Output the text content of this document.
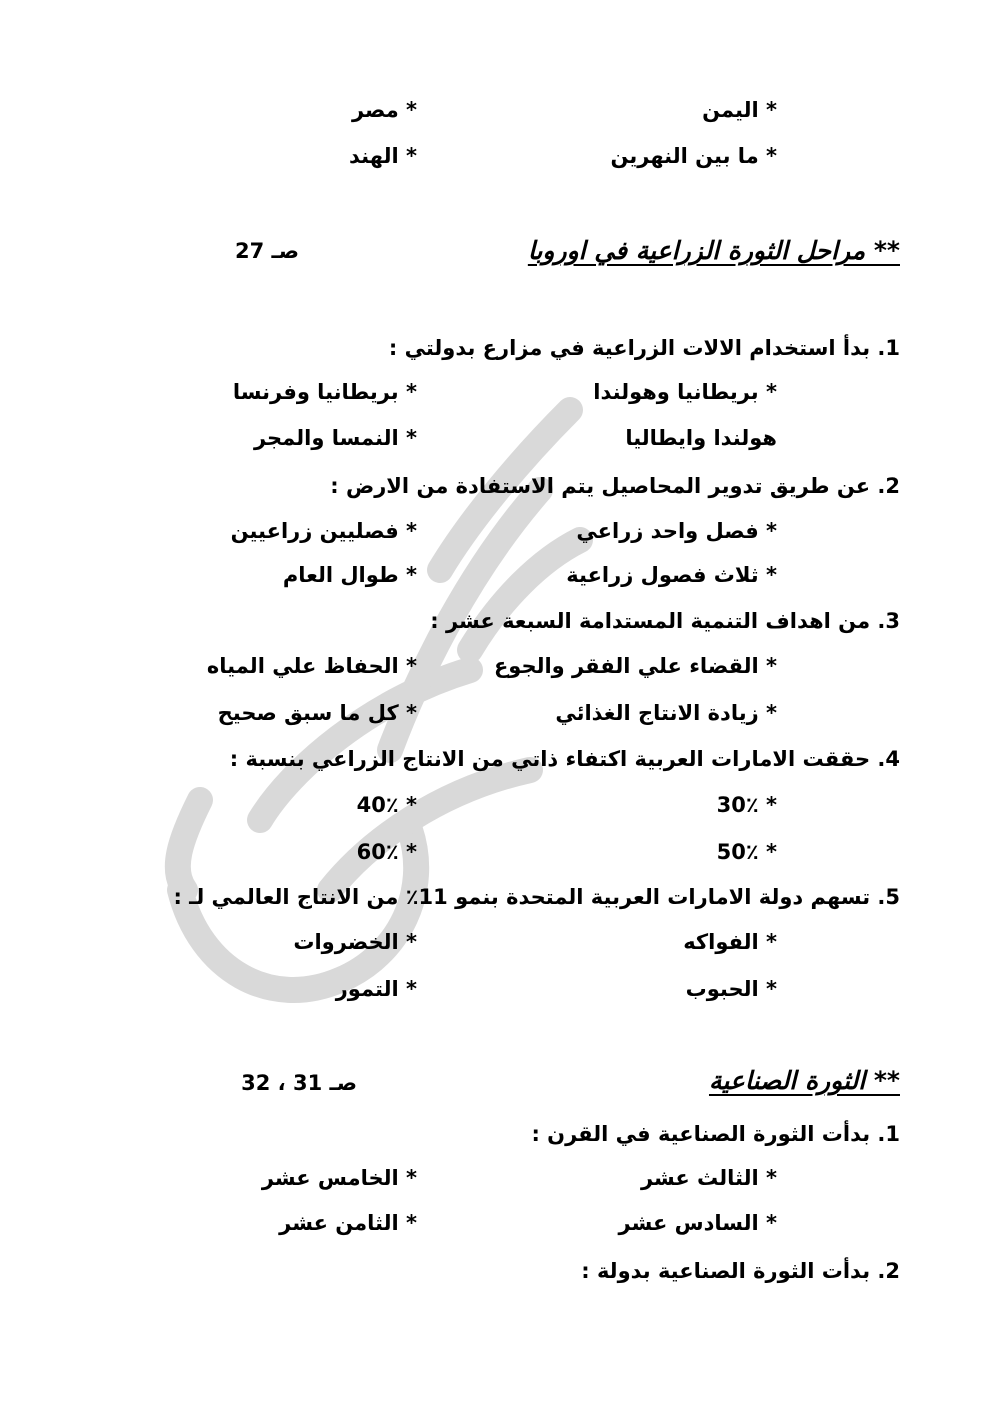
* اليمن
* مصر
* ما بين النهرين
* الهند
** مراحل الثورة الزراعية في اوروبا
صـ 27
1. بدأ استخدام الالات الزراعية في مزارع بدولتي :
* بريطانيا وهولندا
* بريطانيا وفرنسا
هولندا وايطاليا
* النمسا والمجر
2. عن طريق تدوير المحاصيل يتم الاستفادة من الارض :
* فصل واحد زراعي
* فصليين زراعيين
* ثلاث فصول زراعية
* طوال العام
3. من اهداف التنمية المستدامة السبعة عشر :
* القضاء علي الفقر والجوع
* الحفاظ علي المياه
* زيادة الانتاج الغذائي
* كل ما سبق صحيح
4. حققت الامارات العربية اكتفاء ذاتي من الانتاج الزراعي بنسبة :
* 30٪
* 40٪
* 50٪
* 60٪
5. تسهم دولة الامارات العربية المتحدة بنمو 11٪ من الانتاج العالمي لـ :
* الفواكه
* الخضروات
* الحبوب
* التمور
** الثورة الصناعية
صـ 31 ، 32
1. بدأت الثورة الصناعية في القرن :
* الثالث عشر
* الخامس عشر
* السادس عشر
* الثامن عشر
2. بدأت الثورة الصناعية بدولة :
